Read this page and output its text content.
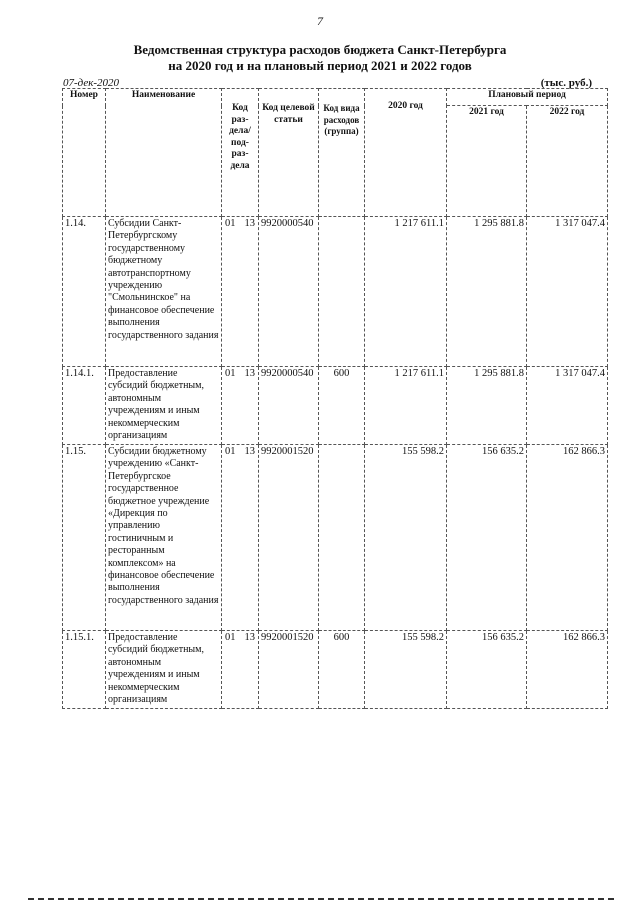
7
Ведомственная структура расходов бюджета Санкт-Петербурга
на 2020 год и на плановый период 2021 и 2022 годов
07-дек-2020	(тыс. руб.)
Номер	Наименование	Код раз-дела/ под-раз-дела	Код целевой статьи	Код вида расходов (группа)	2020 год	Плановый период	
						2021 год	2022 год
1.14.	Субсидии Санкт-Петербургскому государственному бюджетному автотранспортному учреждению "Смольнинское" на финансовое обеспечение выполнения государственного задания	01 13	9920000540		1 217 611.1	1 295 881.8	1 317 047.4
1.14.1.	Предоставление субсидий бюджетным, автономным учреждениям и иным некоммерческим организациям	01 13	9920000540	600	1 217 611.1	1 295 881.8	1 317 047.4
1.15.	Субсидии бюджетному учреждению «Санкт-Петербургское государственное бюджетное учреждение «Дирекция по управлению гостиничным и ресторанным комплексом» на финансовое обеспечение выполнения государственного задания	01 13	9920001520		155 598.2	156 635.2	162 866.3
1.15.1.	Предоставление субсидий бюджетным, автономным учреждениям и иным некоммерческим организациям	01 13	9920001520	600	155 598.2	156 635.2	162 866.3
